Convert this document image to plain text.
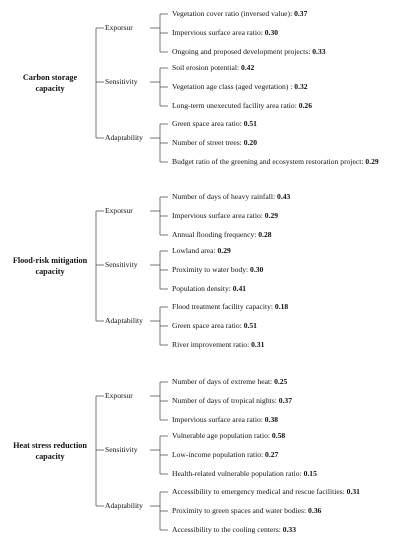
Carbon storage
capacity
Exporsur
Vegetation cover ratio (inversed value): 0.37
Impervious surface area ratio: 0.30
Ongoing and proposed development projects: 0.33
Sensitivity
Soil erosion potential: 0.42
Vegetation age class (aged vegetation) : 0.32
Long-term unexecuted facility area ratio: 0.26
Adaptability
Green space area ratio: 0.51
Number of street trees: 0.20
Budget ratio of the greening and ecosystem restoration project: 0.29
Flood-risk mitigation
capacity
Exporsur
Number of days of heavy rainfall: 0.43
Impervious surface area ratio: 0.29
Annual flooding frequency: 0.28
Sensitivity
Lowland area: 0.29
Proximity to water body: 0.30
Population density: 0.41
Adaptability
Flood treatment facility capacity: 0.18
Green space area ratio: 0.51
River improvement ratio: 0.31
Heat stress reduction
capacity
Exporsur
Number of days of extreme heat: 0.25
Number of days of tropical nights: 0.37
Impervious surface area ratio: 0.38
Sensitivity
Vulnerable age population ratio: 0.58
Low-income population ratio: 0.27
Health-related vulnerable population ratio: 0.15
Adaptability
Accessibility to emergency medical and rescue facilities: 0.31
Proximity to green spaces and water bodies: 0.36
Accessibility to the cooling centers: 0.33
